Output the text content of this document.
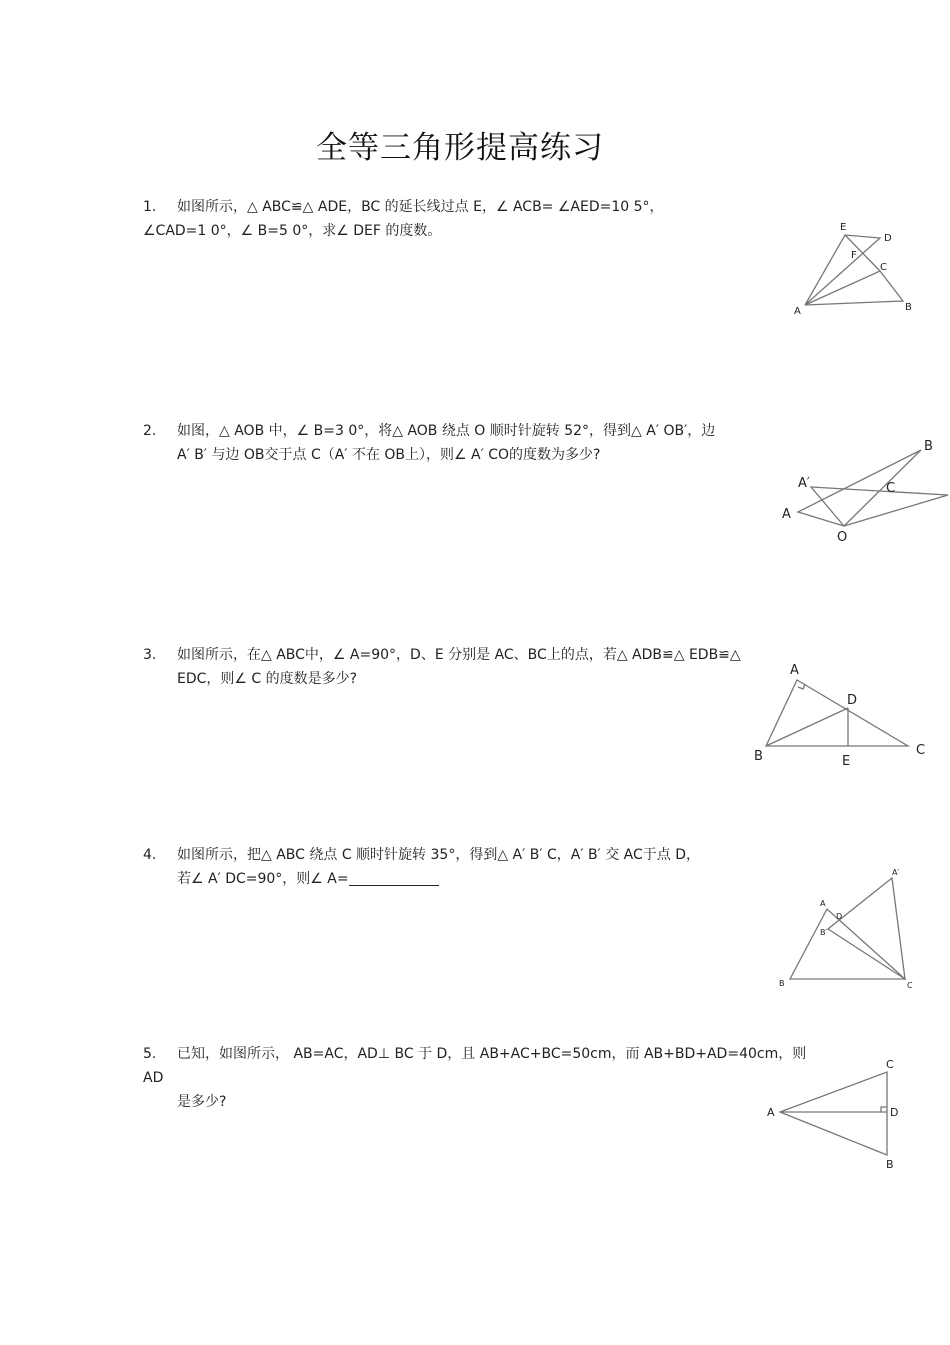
全等三角形提高练习
1. 如图所示，△ ABC≌△ ADE，BC 的延长线过点 E，∠ ACB= ∠AED=10 5°，
∠CAD=1 0°，∠ B=5 0°，求∠ DEF 的度数。
A	B
C
D
E
F
2. 如图，△ AOB 中，∠ B=3 0°，将△ AOB 绕点 O 顺时针旋转 52°，得到△ A′ OB′，边
A′ B′ 与边 OB交于点 C（A′ 不在 OB上），则∠ A′ CO的度数为多少?
A
A′
B
C
O
3. 如图所示，在△ ABC中，∠ A=90°，D、E 分别是 AC、BC上的点，若△ ADB≌△ EDB≌△
EDC，则∠ C 的度数是多少?
A
B	C
D
E
4. 如图所示，把△ ABC 绕点 C 顺时针旋转 35°，得到△ A′ B′ C，A′ B′ 交 AC于点 D，
若∠ A′ DC=90°，则∠ A=
A
A′
B
B′
C
D
5. 已知，如图所示， AB=AC，AD⊥ BC 于 D，且 AB+AC+BC=50cm，而 AB+BD+AD=40cm，则 AD
是多少?
A
B
C
D
